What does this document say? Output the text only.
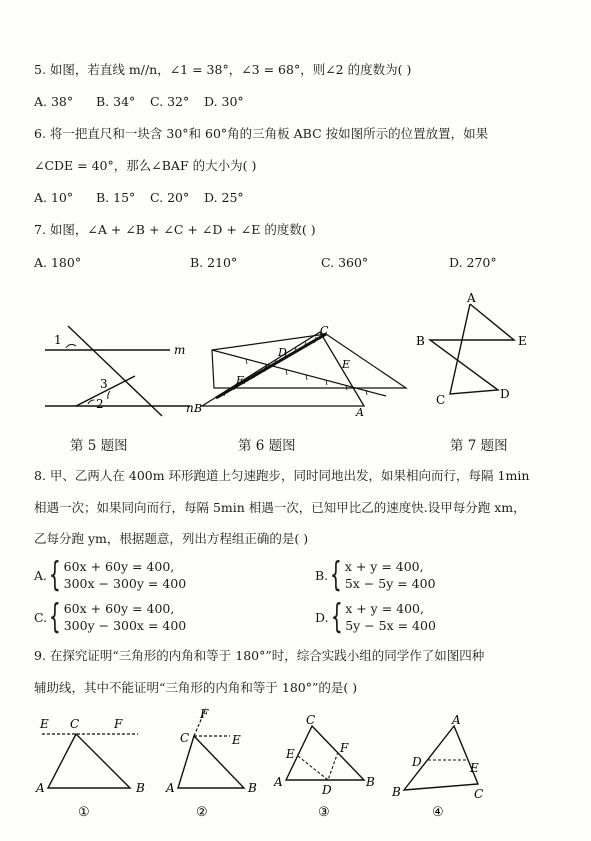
5. 如图，若直线 m//n，∠1 = 38°，∠3 = 68°，则∠2 的度数为( )
A. 38° B. 34° C. 32° D. 30°
6. 将一把直尺和一块含 30°和 60°角的三角板 ABC 按如图所示的位置放置，如果
∠CDE = 40°，那么∠BAF 的大小为( )
A. 10° B. 15° C. 20° D. 25°
7. 如图，∠A + ∠B + ∠C + ∠D + ∠E 的度数( )
A. 180°	B. 210°	C. 360°	D. 270°
1
2
3
m
n
C
D
E
F
B	A
A
B
C	D
E
第 5 题图	第 6 题图	第 7 题图
8. 甲、乙两人在 400m 环形跑道上匀速跑步，同时同地出发，如果相向而行，每隔 1min
相遇一次；如果同向而行，每隔 5min 相遇一次，已知甲比乙的速度快.设甲每分跑 xm，
乙每分跑 ym，根据题意，列出方程组正确的是( )
A. { 60x + 60y = 400,
300x − 300y = 400
B. { x + y = 400,
5x − 5y = 400
C. { 60x + 60y = 400,
300y − 300x = 400
D. { x + y = 400,
5y − 5x = 400
9. 在探究证明“三角形的内角和等于 180°”时，综合实践小组的同学作了如图四种
辅助线，其中不能证明“三角形的内角和等于 180°”的是( )
E C	F
A	B
①
F
C	E
A	B
②
C
E	F
A	B
D
③
A
D	E
B	C
④
